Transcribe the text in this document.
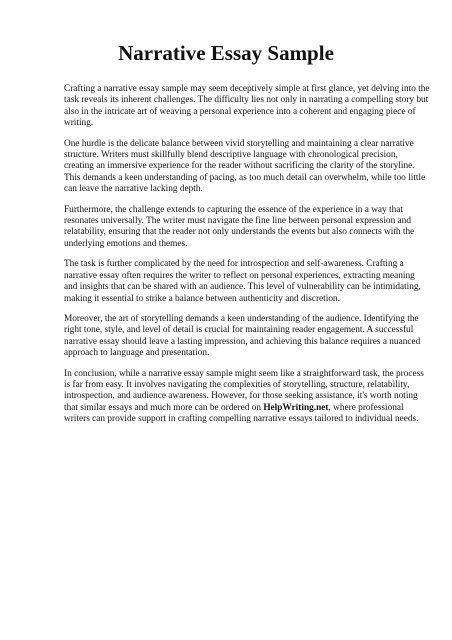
Narrative Essay Sample

Crafting a narrative essay sample may seem deceptively simple at first glance, yet delving into the task reveals its inherent challenges. The difficulty lies not only in narrating a compelling story but also in the intricate art of weaving a personal experience into a coherent and engaging piece of writing.

One hurdle is the delicate balance between vivid storytelling and maintaining a clear narrative structure. Writers must skillfully blend descriptive language with chronological precision, creating an immersive experience for the reader without sacrificing the clarity of the storyline. This demands a keen understanding of pacing, as too much detail can overwhelm, while too little can leave the narrative lacking depth.

Furthermore, the challenge extends to capturing the essence of the experience in a way that resonates universally. The writer must navigate the fine line between personal expression and relatability, ensuring that the reader not only understands the events but also connects with the underlying emotions and themes.

The task is further complicated by the need for introspection and self-awareness. Crafting a narrative essay often requires the writer to reflect on personal experiences, extracting meaning and insights that can be shared with an audience. This level of vulnerability can be intimidating, making it essential to strike a balance between authenticity and discretion.

Moreover, the art of storytelling demands a keen understanding of the audience. Identifying the right tone, style, and level of detail is crucial for maintaining reader engagement. A successful narrative essay should leave a lasting impression, and achieving this balance requires a nuanced approach to language and presentation.

In conclusion, while a narrative essay sample might seem like a straightforward task, the process is far from easy. It involves navigating the complexities of storytelling, structure, relatability, introspection, and audience awareness. However, for those seeking assistance, it's worth noting that similar essays and much more can be ordered on HelpWriting.net, where professional writers can provide support in crafting compelling narrative essays tailored to individual needs.
